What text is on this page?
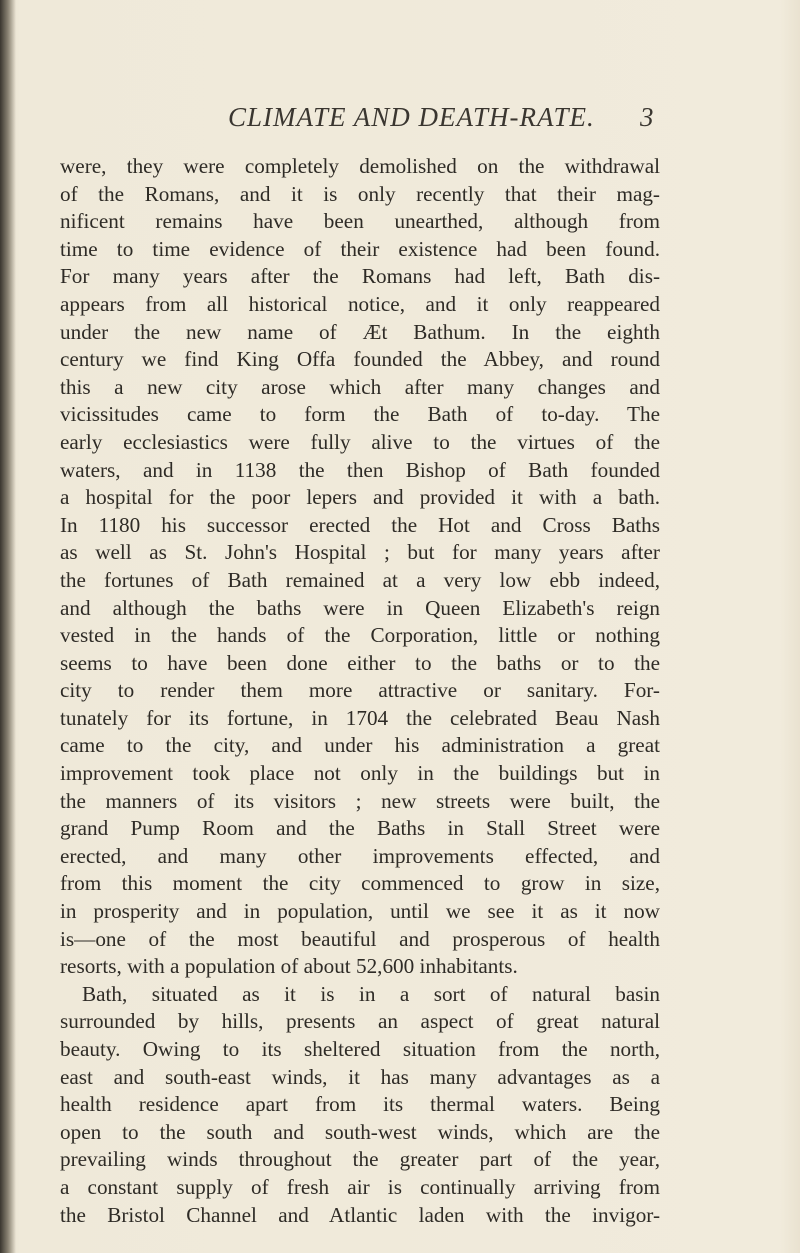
CLIMATE AND DEATH-RATE. 3
were, they were completely demolished on the withdrawal
of the Romans, and it is only recently that their mag-
nificent remains have been unearthed, although from
time to time evidence of their existence had been found.
For many years after the Romans had left, Bath dis-
appears from all historical notice, and it only reappeared
under the new name of Æt Bathum. In the eighth
century we find King Offa founded the Abbey, and round
this a new city arose which after many changes and
vicissitudes came to form the Bath of to-day. The
early ecclesiastics were fully alive to the virtues of the
waters, and in 1138 the then Bishop of Bath founded
a hospital for the poor lepers and provided it with a bath.
In 1180 his successor erected the Hot and Cross Baths
as well as St. John's Hospital ; but for many years after
the fortunes of Bath remained at a very low ebb indeed,
and although the baths were in Queen Elizabeth's reign
vested in the hands of the Corporation, little or nothing
seems to have been done either to the baths or to the
city to render them more attractive or sanitary. For-
tunately for its fortune, in 1704 the celebrated Beau Nash
came to the city, and under his administration a great
improvement took place not only in the buildings but in
the manners of its visitors ; new streets were built, the
grand Pump Room and the Baths in Stall Street were
erected, and many other improvements effected, and
from this moment the city commenced to grow in size,
in prosperity and in population, until we see it as it now
is—one of the most beautiful and prosperous of health
resorts, with a population of about 52,600 inhabitants.
Bath, situated as it is in a sort of natural basin
surrounded by hills, presents an aspect of great natural
beauty. Owing to its sheltered situation from the north,
east and south-east winds, it has many advantages as a
health residence apart from its thermal waters. Being
open to the south and south-west winds, which are the
prevailing winds throughout the greater part of the year,
a constant supply of fresh air is continually arriving from
the Bristol Channel and Atlantic laden with the invigor-
